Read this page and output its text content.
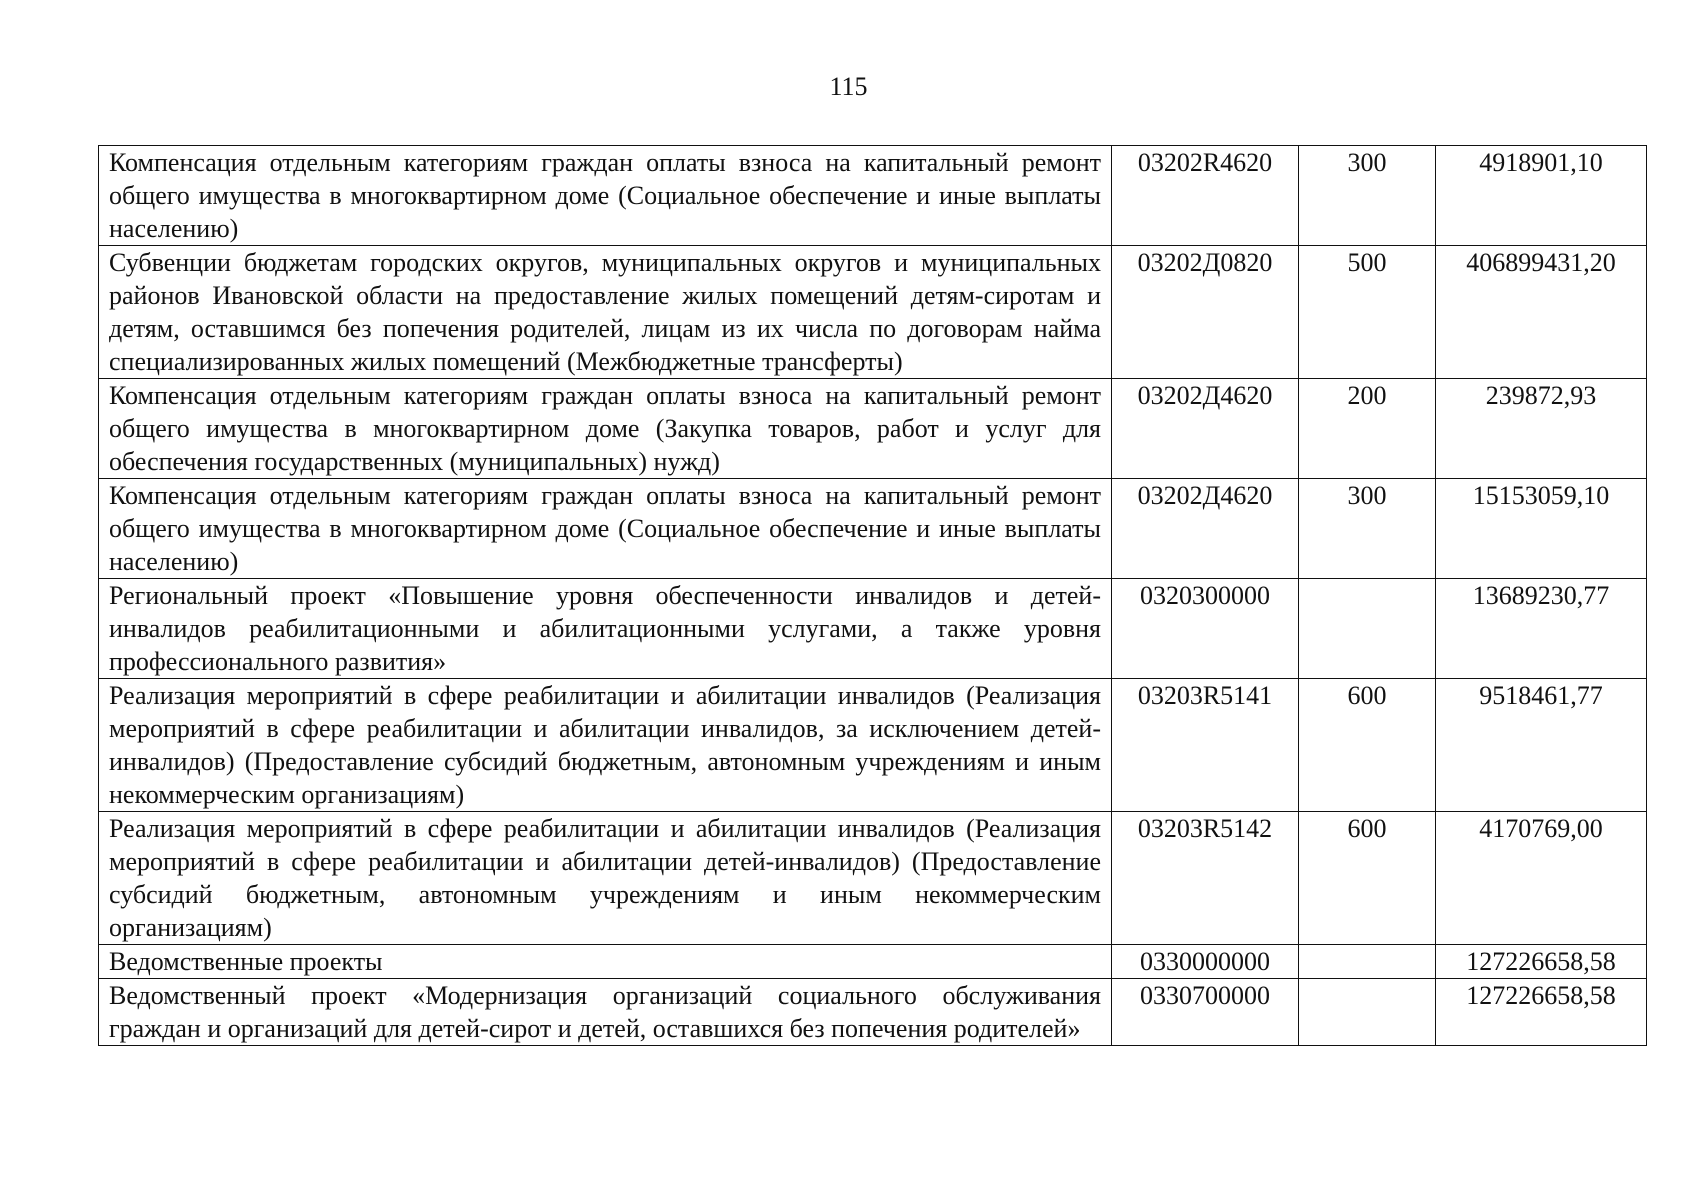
115
Компенсация отдельным категориям граждан оплаты взноса на капитальный ремонт общего имущества в многоквартирном доме (Социальное обеспечение и иные выплаты населению)	03202R4620	300	4918901,10
Субвенции бюджетам городских округов, муниципальных округов и муниципальных районов Ивановской области на предоставление жилых помещений детям-сиротам и детям, оставшимся без попечения родителей, лицам из их числа по договорам найма специализированных жилых помещений (Межбюджетные трансферты)	03202Д0820	500	406899431,20
Компенсация отдельным категориям граждан оплаты взноса на капитальный ремонт общего имущества в многоквартирном доме (Закупка товаров, работ и услуг для обеспечения государственных (муниципальных) нужд)	03202Д4620	200	239872,93
Компенсация отдельным категориям граждан оплаты взноса на капитальный ремонт общего имущества в многоквартирном доме (Социальное обеспечение и иные выплаты населению)	03202Д4620	300	15153059,10
Региональный проект «Повышение уровня обеспеченности инвалидов и детей-инвалидов реабилитационными и абилитационными услугами, а также уровня профессионального развития»	0320300000		13689230,77
Реализация мероприятий в сфере реабилитации и абилитации инвалидов (Реализация мероприятий в сфере реабилитации и абилитации инвалидов, за исключением детей-инвалидов) (Предоставление субсидий бюджетным, автономным учреждениям и иным некоммерческим организациям)	03203R5141	600	9518461,77
Реализация мероприятий в сфере реабилитации и абилитации инвалидов (Реализация мероприятий в сфере реабилитации и абилитации детей-инвалидов) (Предоставление субсидий бюджетным, автономным учреждениям и иным некоммерческим организациям)	03203R5142	600	4170769,00
Ведомственные проекты	0330000000		127226658,58
Ведомственный проект «Модернизация организаций социального обслуживания граждан и организаций для детей-сирот и детей, оставшихся без попечения родителей»	0330700000		127226658,58
